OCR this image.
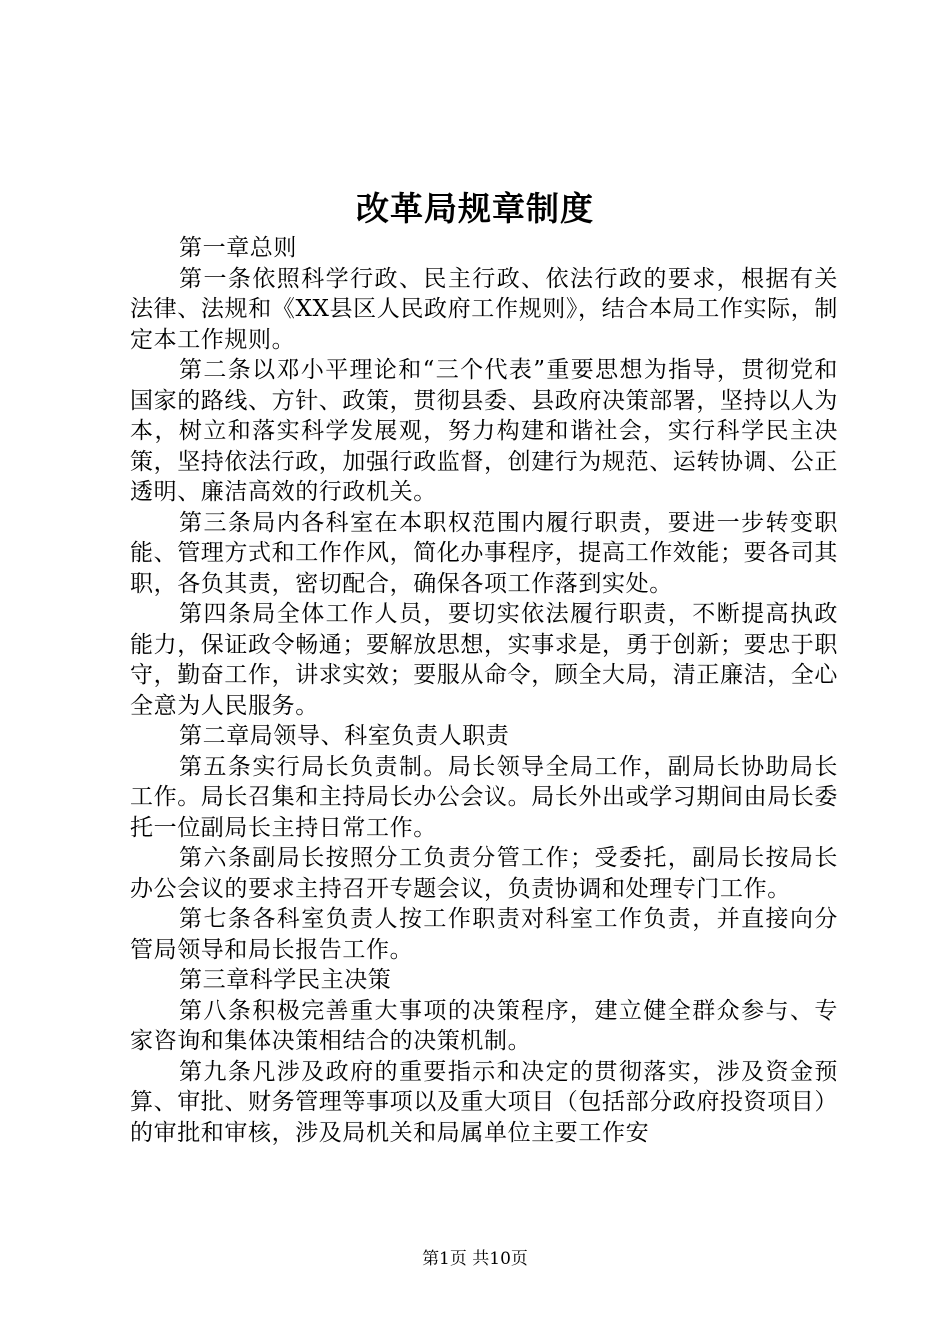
改革局规章制度

第一章总则

第一条依照科学行政、民主行政、依法行政的要求，根据有关法律、法规和《XX县区人民政府工作规则》，结合本局工作实际，制定本工作规则。

第二条以邓小平理论和“三个代表”重要思想为指导，贯彻党和国家的路线、方针、政策，贯彻县委、县政府决策部署，坚持以人为本，树立和落实科学发展观，努力构建和谐社会，实行科学民主决策，坚持依法行政，加强行政监督，创建行为规范、运转协调、公正透明、廉洁高效的行政机关。

第三条局内各科室在本职权范围内履行职责，要进一步转变职能、管理方式和工作作风，简化办事程序，提高工作效能；要各司其职，各负其责，密切配合，确保各项工作落到实处。

第四条局全体工作人员，要切实依法履行职责，不断提高执政能力，保证政令畅通；要解放思想，实事求是，勇于创新；要忠于职守，勤奋工作，讲求实效；要服从命令，顾全大局，清正廉洁，全心全意为人民服务。

第二章局领导、科室负责人职责

第五条实行局长负责制。局长领导全局工作，副局长协助局长工作。局长召集和主持局长办公会议。局长外出或学习期间由局长委托一位副局长主持日常工作。

第六条副局长按照分工负责分管工作；受委托，副局长按局长办公会议的要求主持召开专题会议，负责协调和处理专门工作。

第七条各科室负责人按工作职责对科室工作负责，并直接向分管局领导和局长报告工作。

第三章科学民主决策

第八条积极完善重大事项的决策程序，建立健全群众参与、专家咨询和集体决策相结合的决策机制。

第九条凡涉及政府的重要指示和决定的贯彻落实，涉及资金预算、审批、财务管理等事项以及重大项目（包括部分政府投资项目）的审批和审核，涉及局机关和局属单位主要工作安

第1页 共10页
